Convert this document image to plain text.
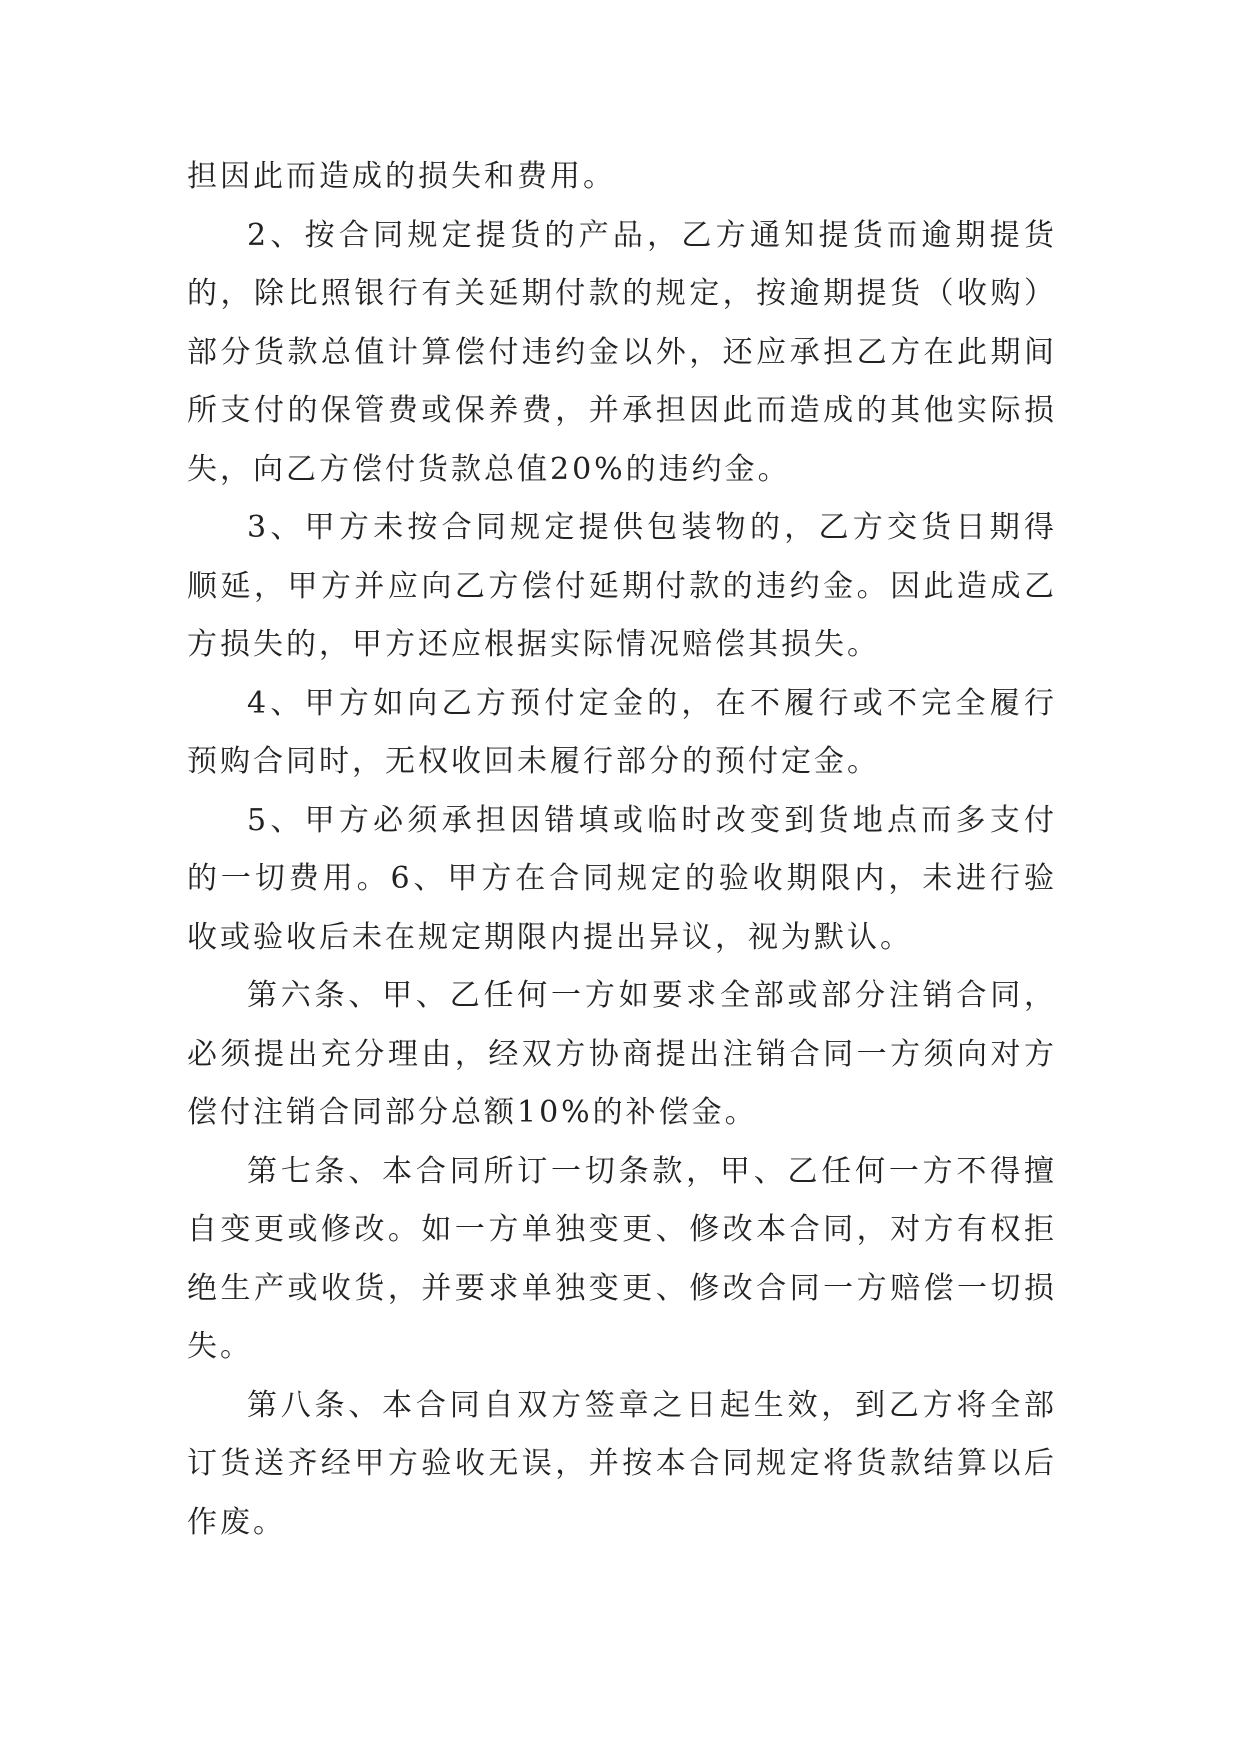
担因此而造成的损失和费用。

2、按合同规定提货的产品，乙方通知提货而逾期提货的，除比照银行有关延期付款的规定，按逾期提货（收购）部分货款总值计算偿付违约金以外，还应承担乙方在此期间所支付的保管费或保养费，并承担因此而造成的其他实际损失，向乙方偿付货款总值20%的违约金。

3、甲方未按合同规定提供包装物的，乙方交货日期得顺延，甲方并应向乙方偿付延期付款的违约金。因此造成乙方损失的，甲方还应根据实际情况赔偿其损失。

4、甲方如向乙方预付定金的，在不履行或不完全履行预购合同时，无权收回未履行部分的预付定金。

5、甲方必须承担因错填或临时改变到货地点而多支付的一切费用。6、甲方在合同规定的验收期限内，未进行验收或验收后未在规定期限内提出异议，视为默认。

第六条、甲、乙任何一方如要求全部或部分注销合同，必须提出充分理由，经双方协商提出注销合同一方须向对方偿付注销合同部分总额10%的补偿金。

第七条、本合同所订一切条款，甲、乙任何一方不得擅自变更或修改。如一方单独变更、修改本合同，对方有权拒绝生产或收货，并要求单独变更、修改合同一方赔偿一切损失。

第八条、本合同自双方签章之日起生效，到乙方将全部订货送齐经甲方验收无误，并按本合同规定将货款结算以后作废。
